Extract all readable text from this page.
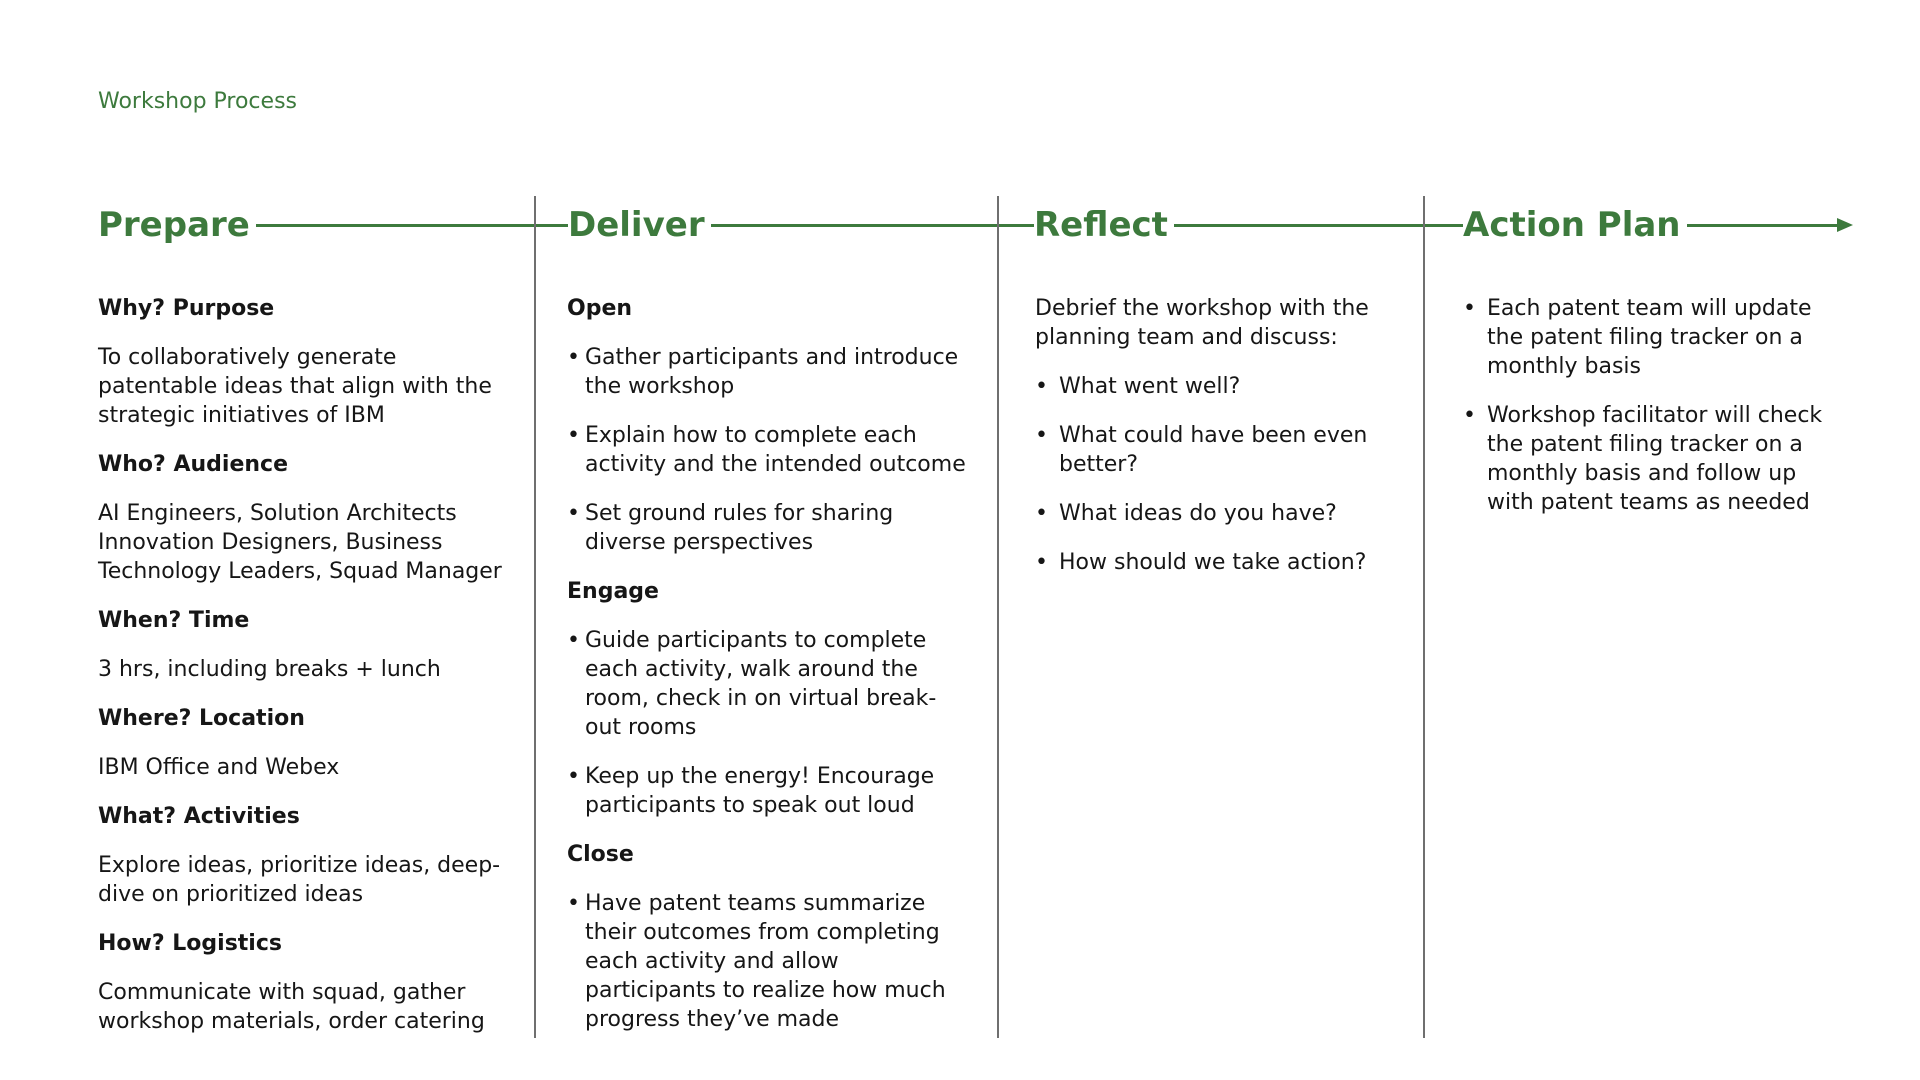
Workshop Process
Prepare	Deliver	Reflect	Action Plan
Why? Purpose

To collaboratively generate patentable ideas that align with the strategic initiatives of IBM

Who? Audience

AI Engineers, Solution Architects Innovation Designers, Business Technology Leaders, Squad Manager

When? Time

3 hrs, including breaks + lunch

Where? Location

IBM Office and Webex

What? Activities

Explore ideas, prioritize ideas, deep-dive on prioritized ideas

How? Logistics

Communicate with squad, gather workshop materials, order catering

Open
• Gather participants and introduce the workshop
• Explain how to complete each activity and the intended outcome
• Set ground rules for sharing diverse perspectives
Engage
• Guide participants to complete each activity, walk around the room, check in on virtual break-out rooms
• Keep up the energy! Encourage participants to speak out loud
Close
• Have patent teams summarize their outcomes from completing each activity and allow participants to realize how much progress they’ve made

Debrief the workshop with the planning team and discuss:

• What went well?
• What could have been even better?
• What ideas do you have?
• How should we take action?
• Each patent team will update the patent filing tracker on a monthly basis
• Workshop facilitator will check the patent filing tracker on a monthly basis and follow up with patent teams as needed
